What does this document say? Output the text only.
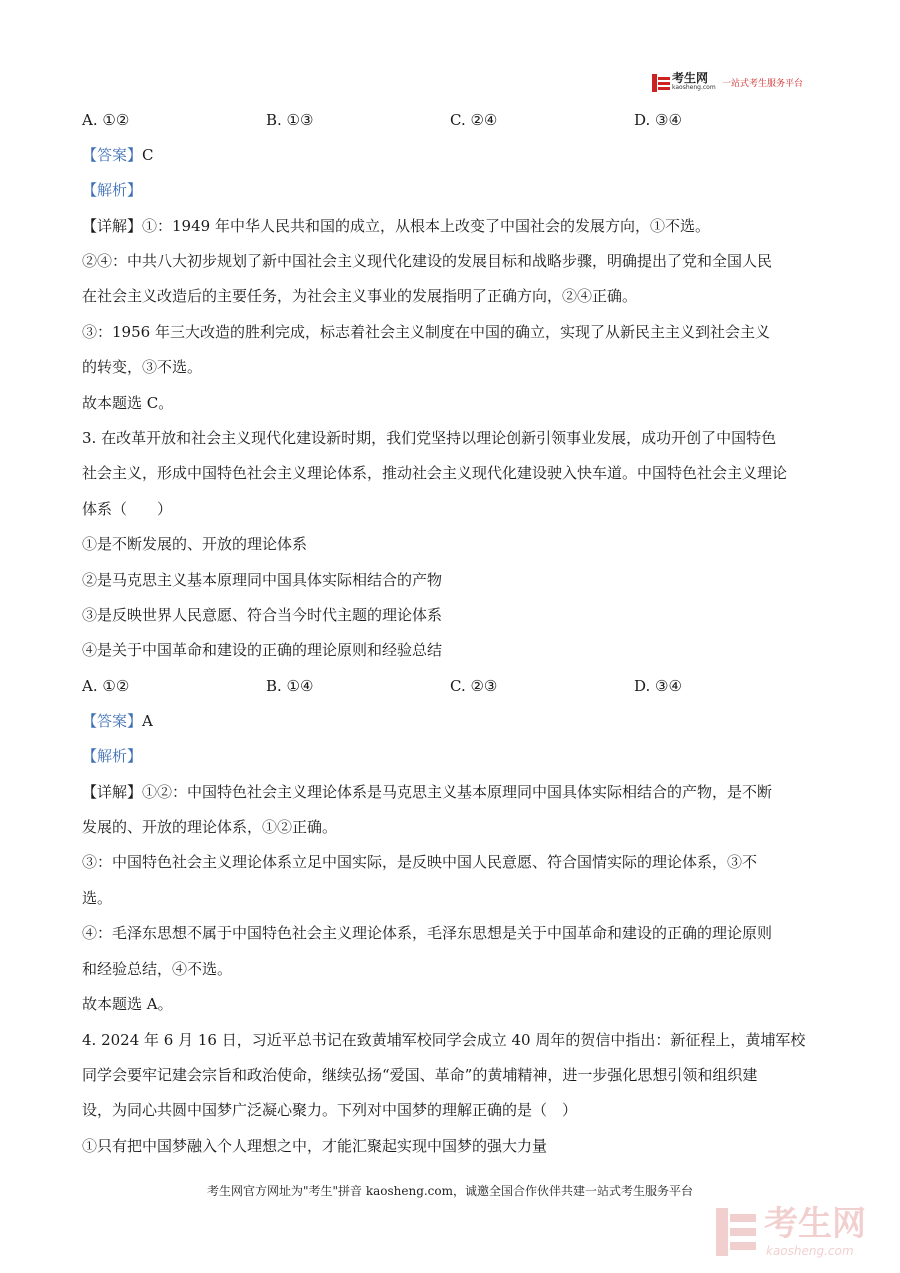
考生网
kaosheng.com 一站式考生服务平台
A. ①②	B. ①③	C. ②④	D. ③④
【答案】C
【解析】
【详解】①：1949 年中华人民共和国的成立，从根本上改变了中国社会的发展方向，①不选。
②④：中共八大初步规划了新中国社会主义现代化建设的发展目标和战略步骤，明确提出了党和全国人民
在社会主义改造后的主要任务，为社会主义事业的发展指明了正确方向，②④正确。
③：1956 年三大改造的胜利完成，标志着社会主义制度在中国的确立，实现了从新民主主义到社会主义
的转变，③不选。
故本题选 C。
3. 在改革开放和社会主义现代化建设新时期，我们党坚持以理论创新引领事业发展，成功开创了中国特色
社会主义，形成中国特色社会主义理论体系，推动社会主义现代化建设驶入快车道。中国特色社会主义理论
体系（　　）
①是不断发展的、开放的理论体系
②是马克思主义基本原理同中国具体实际相结合的产物
③是反映世界人民意愿、符合当今时代主题的理论体系
④是关于中国革命和建设的正确的理论原则和经验总结
A. ①②	B. ①④	C. ②③	D. ③④
【答案】A
【解析】
【详解】①②：中国特色社会主义理论体系是马克思主义基本原理同中国具体实际相结合的产物，是不断
发展的、开放的理论体系，①②正确。
③：中国特色社会主义理论体系立足中国实际，是反映中国人民意愿、符合国情实际的理论体系，③不
选。
④：毛泽东思想不属于中国特色社会主义理论体系，毛泽东思想是关于中国革命和建设的正确的理论原则
和经验总结，④不选。
故本题选 A。
4. 2024 年 6 月 16 日，习近平总书记在致黄埔军校同学会成立 40 周年的贺信中指出：新征程上，黄埔军校
同学会要牢记建会宗旨和政治使命，继续弘扬“爱国、革命”的黄埔精神，进一步强化思想引领和组织建
设，为同心共圆中国梦广泛凝心聚力。下列对中国梦的理解正确的是（　）
①只有把中国梦融入个人理想之中，才能汇聚起实现中国梦的强大力量
考生网官方网址为"考生"拼音 kaosheng.com，诚邀全国合作伙伴共建一站式考生服务平台
考生网
kaosheng.com
